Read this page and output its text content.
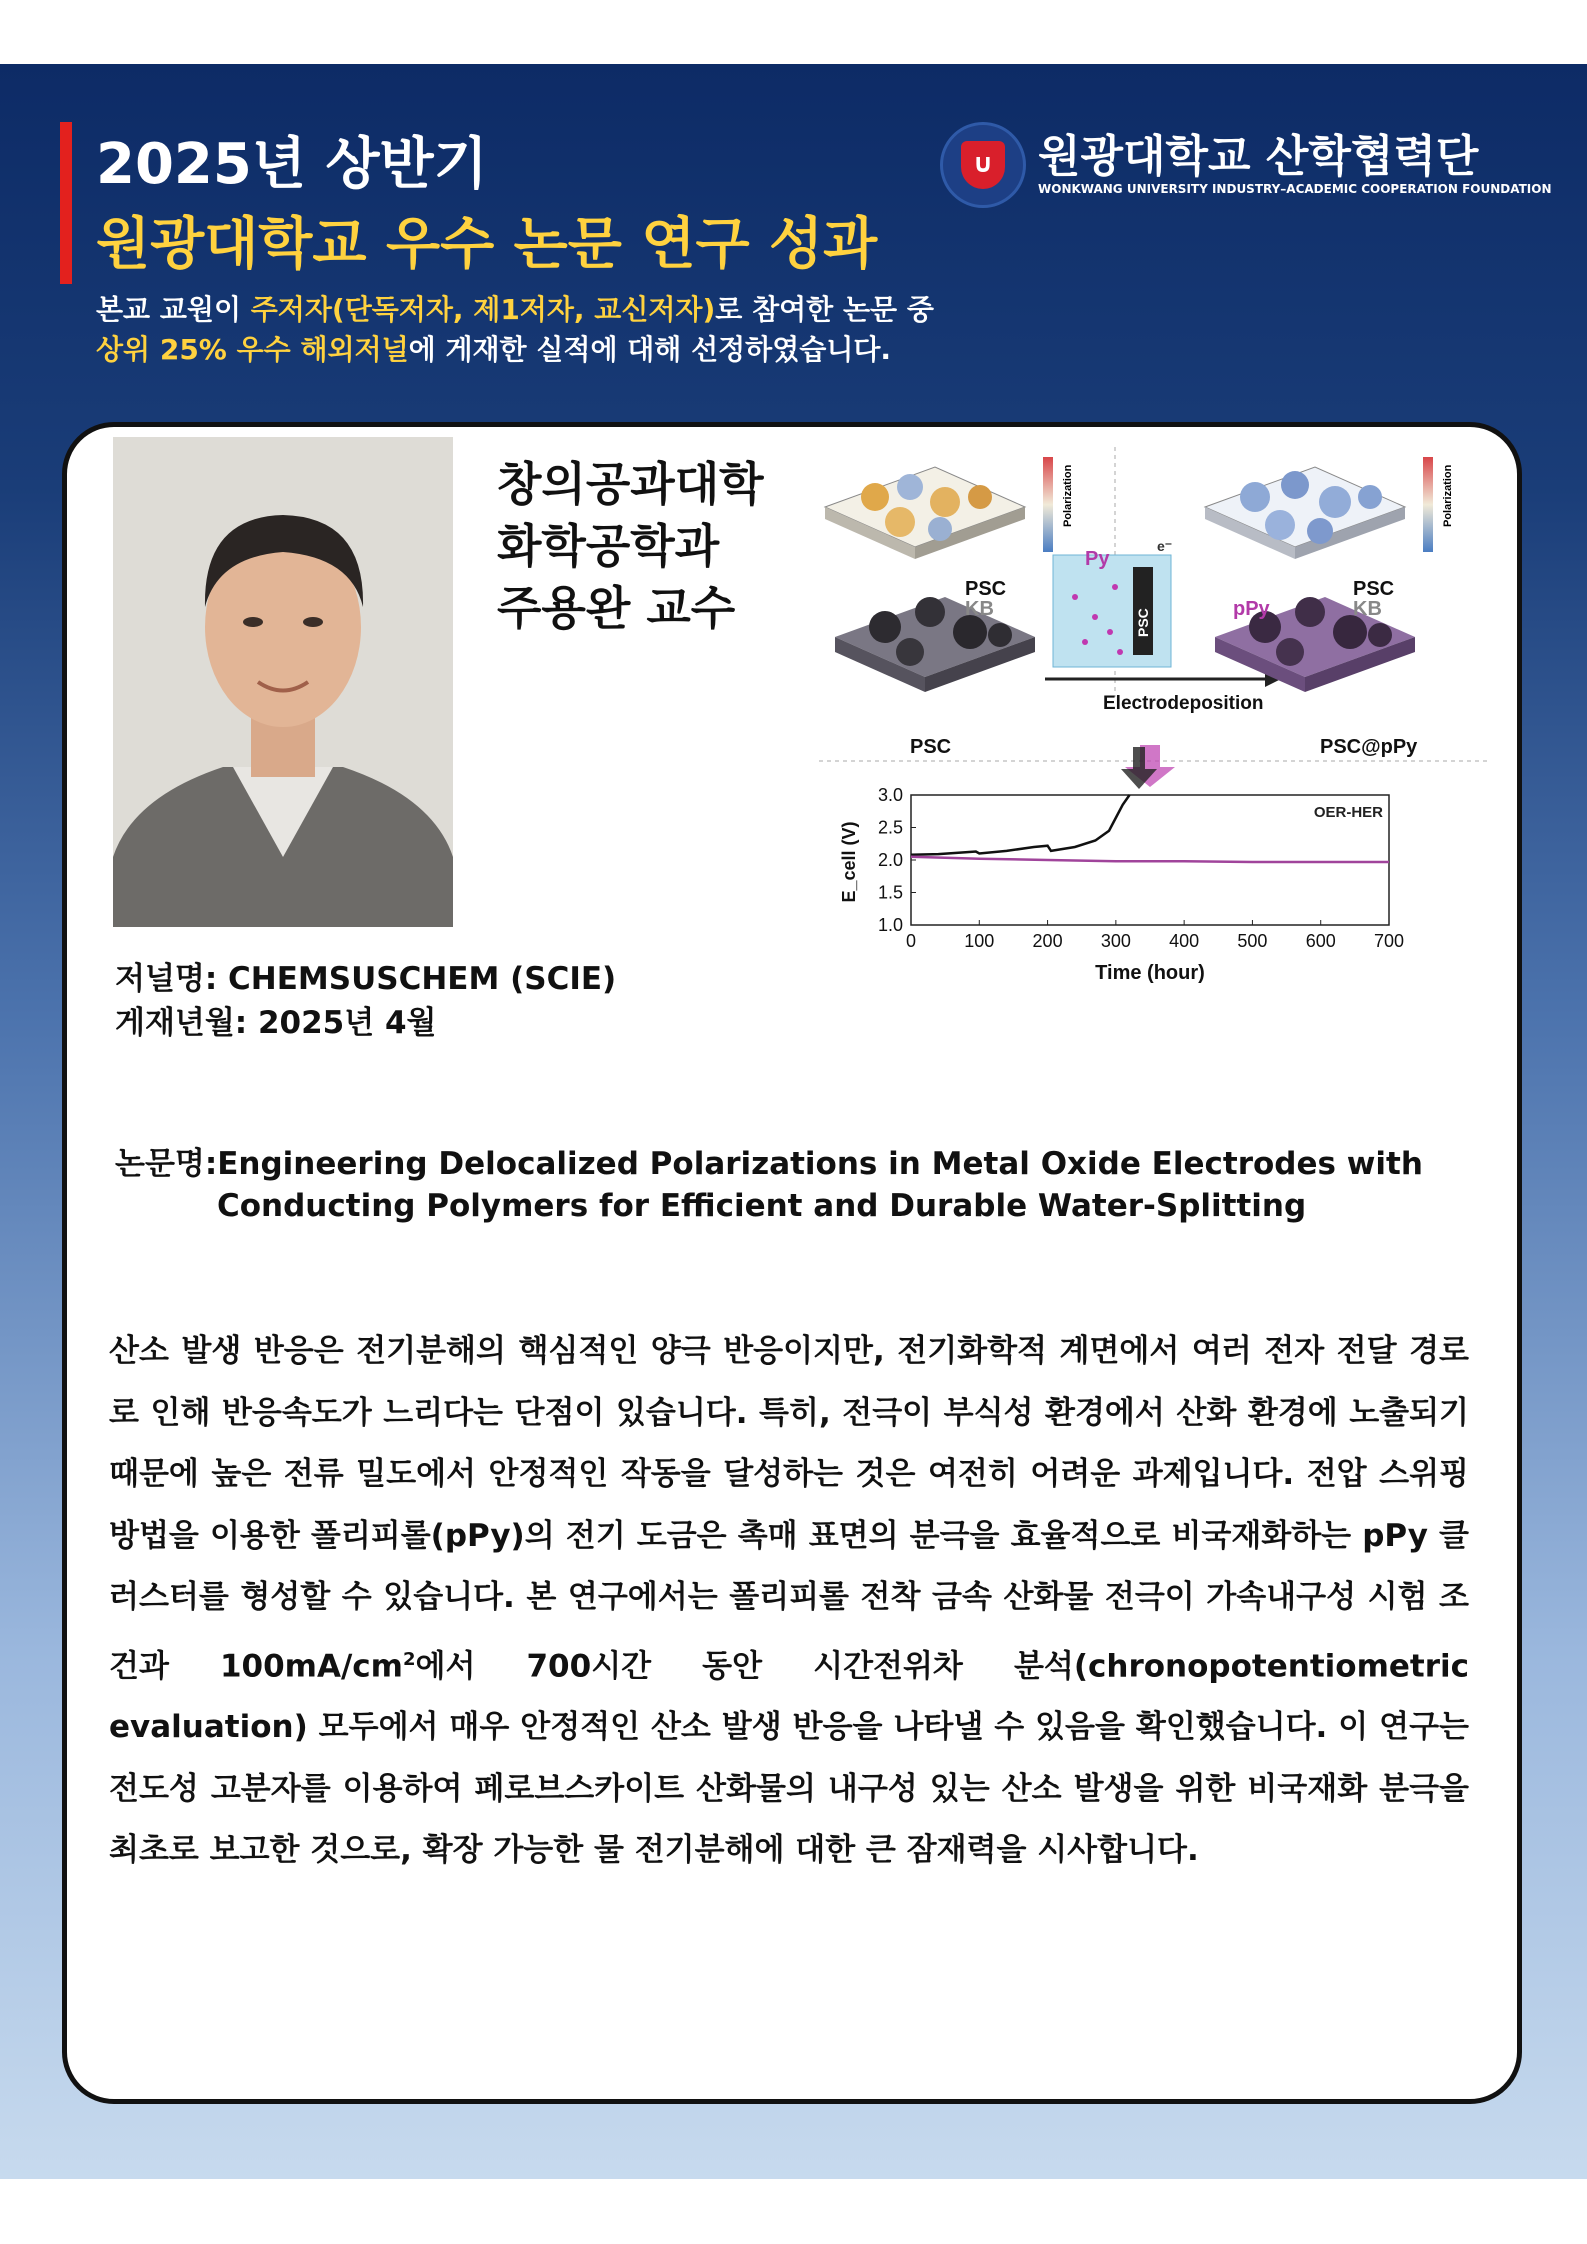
2025년 상반기
원광대학교 우수 논문 연구 성과
∪ 원광대학교 산학협력단
WONKWANG UNIVERSITY INDUSTRY–ACADEMIC COOPERATION FOUNDATION
본교 교원이 주저자(단독저자, 제1저자, 교신저자)로 참여한 논문 중
상위 25% 우수 해외저널에 게재한 실적에 대해 선정하였습니다.
창의공과대학
화학공학과
주용완 교수
Polarization	Polarization
PSC
KB	PSC
Py
e⁻
Electrodeposition
pPy
PSC
KB
PSC	PSC@pPy
OER-HER
Time (hour)
E_cell (V)
0	100 200 300 400 500 600 700
1.0
1.5
2.0
2.5
3.0
저널명: CHEMSUSCHEM (SCIE)
게재년월: 2025년 4월
논문명:Engineering Delocalized Polarizations in Metal Oxide Electrodes with
Conducting Polymers for Efficient and Durable Water-Splitting
산소 발생 반응은 전기분해의 핵심적인 양극 반응이지만, 전기화학적 계면에서 여러 전자 전달 경로로 인해 반응속도가 느리다는 단점이 있습니다. 특히, 전극이 부식성 환경에서 산화 환경에 노출되기 때문에 높은 전류 밀도에서 안정적인 작동을 달성하는 것은 여전히 어려운 과제입니다. 전압 스위핑 방법을 이용한 폴리피롤(pPy)의 전기 도금은 촉매 표면의 분극을 효율적으로 비국재화하는 pPy 클러스터를 형성할 수 있습니다. 본 연구에서는 폴리피롤 전착 금속 산화물 전극이 가속내구성 시험 조건과 $100mA/cm^2$에서 700시간 동안 시간전위차 분석(chronopotentiometric evaluation) 모두에서 매우 안정적인 산소 발생 반응을 나타낼 수 있음을 확인했습니다. 이 연구는 전도성 고분자를 이용하여 페로브스카이트 산화물의 내구성 있는 산소 발생을 위한 비국재화 분극을 최초로 보고한 것으로, 확장 가능한 물 전기분해에 대한 큰 잠재력을 시사합니다.
